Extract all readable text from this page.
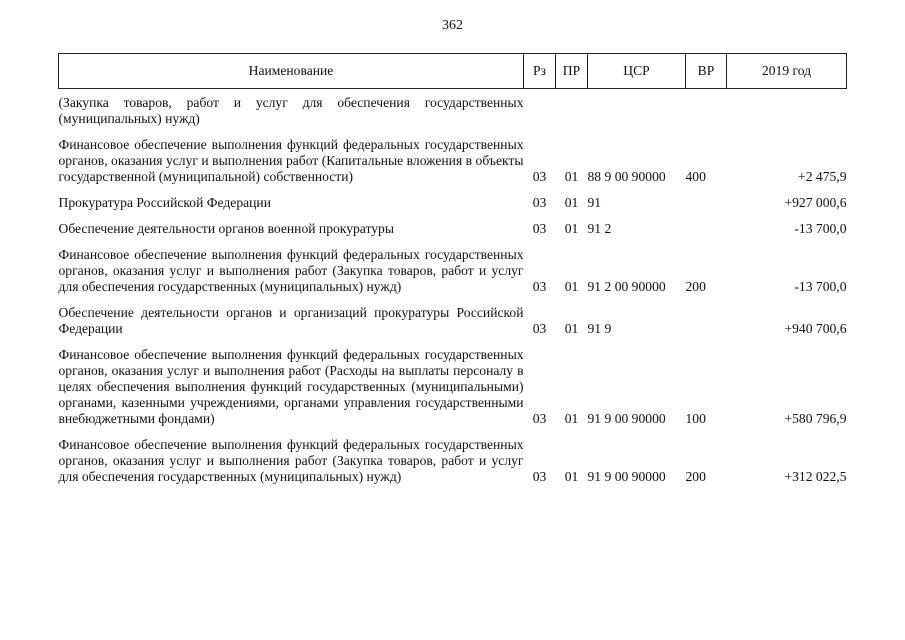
362
Наименование	Рз	ПР	ЦСР	ВР	2019 год
(Закупка товаров, работ и услуг для обеспечения государственных (муниципальных) нужд)					
Финансовое обеспечение выполнения функций федеральных государственных органов, оказания услуг и выполнения работ (Капитальные вложения в объекты государственной (муниципальной) собственности)	03	01	88 9 00 90000	400	+2 475,9
Прокуратура Российской Федерации	03	01	91		+927 000,6
Обеспечение деятельности органов военной прокуратуры	03	01	91 2		-13 700,0
Финансовое обеспечение выполнения функций федеральных государственных органов, оказания услуг и выполнения работ (Закупка товаров, работ и услуг для обеспечения государственных (муниципальных) нужд)	03	01	91 2 00 90000	200	-13 700,0
Обеспечение деятельности органов и организаций прокуратуры Российской Федерации	03	01	91 9		+940 700,6
Финансовое обеспечение выполнения функций федеральных государственных органов, оказания услуг и выполнения работ (Расходы на выплаты персоналу в целях обеспечения выполнения функций государственных (муниципальными) органами, казенными учреждениями, органами управления государственными внебюджетными фондами)	03	01	91 9 00 90000	100	+580 796,9
Финансовое обеспечение выполнения функций федеральных государственных органов, оказания услуг и выполнения работ (Закупка товаров, работ и услуг для обеспечения государственных (муниципальных) нужд)	03	01	91 9 00 90000	200	+312 022,5
